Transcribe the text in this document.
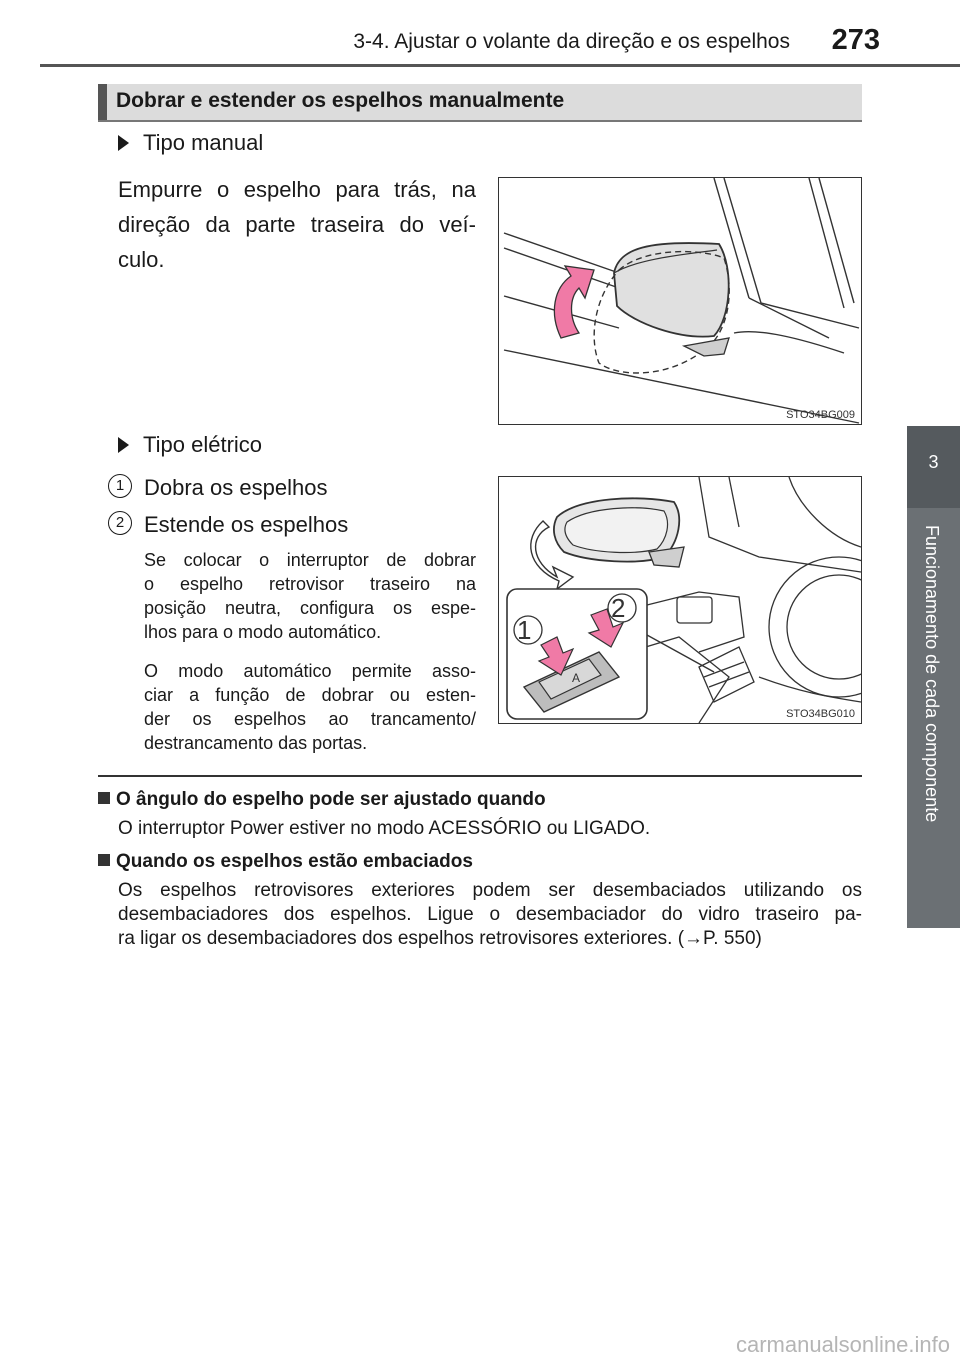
3-4. Ajustar o volante da direção e os espelhos	273
3
Funcionamento de cada componente
Dobrar e estender os espelhos manualmente
Tipo manual
Empurre o espelho para trás, na
direção da parte traseira do veí-
culo.
STO34BG009
Tipo elétrico
1 Dobra os espelhos
2 Estende os espelhos
Se colocar o interruptor de dobrar
o espelho retrovisor traseiro na
posição neutra, configura os espe-
lhos para o modo automático.
O modo automático permite asso-
ciar a função de dobrar ou esten-
der os espelhos ao trancamento/
destrancamento das portas.
A
1
2
STO34BG010
O ângulo do espelho pode ser ajustado quando
O interruptor Power estiver no modo ACESSÓRIO ou LIGADO.
Quando os espelhos estão embaciados
Os espelhos retrovisores exteriores podem ser desembaciados utilizando os
desembaciadores dos espelhos. Ligue o desembaciador do vidro traseiro pa-
ra ligar os desembaciadores dos espelhos retrovisores exteriores. (→P. 550)
carmanualsonline.info
